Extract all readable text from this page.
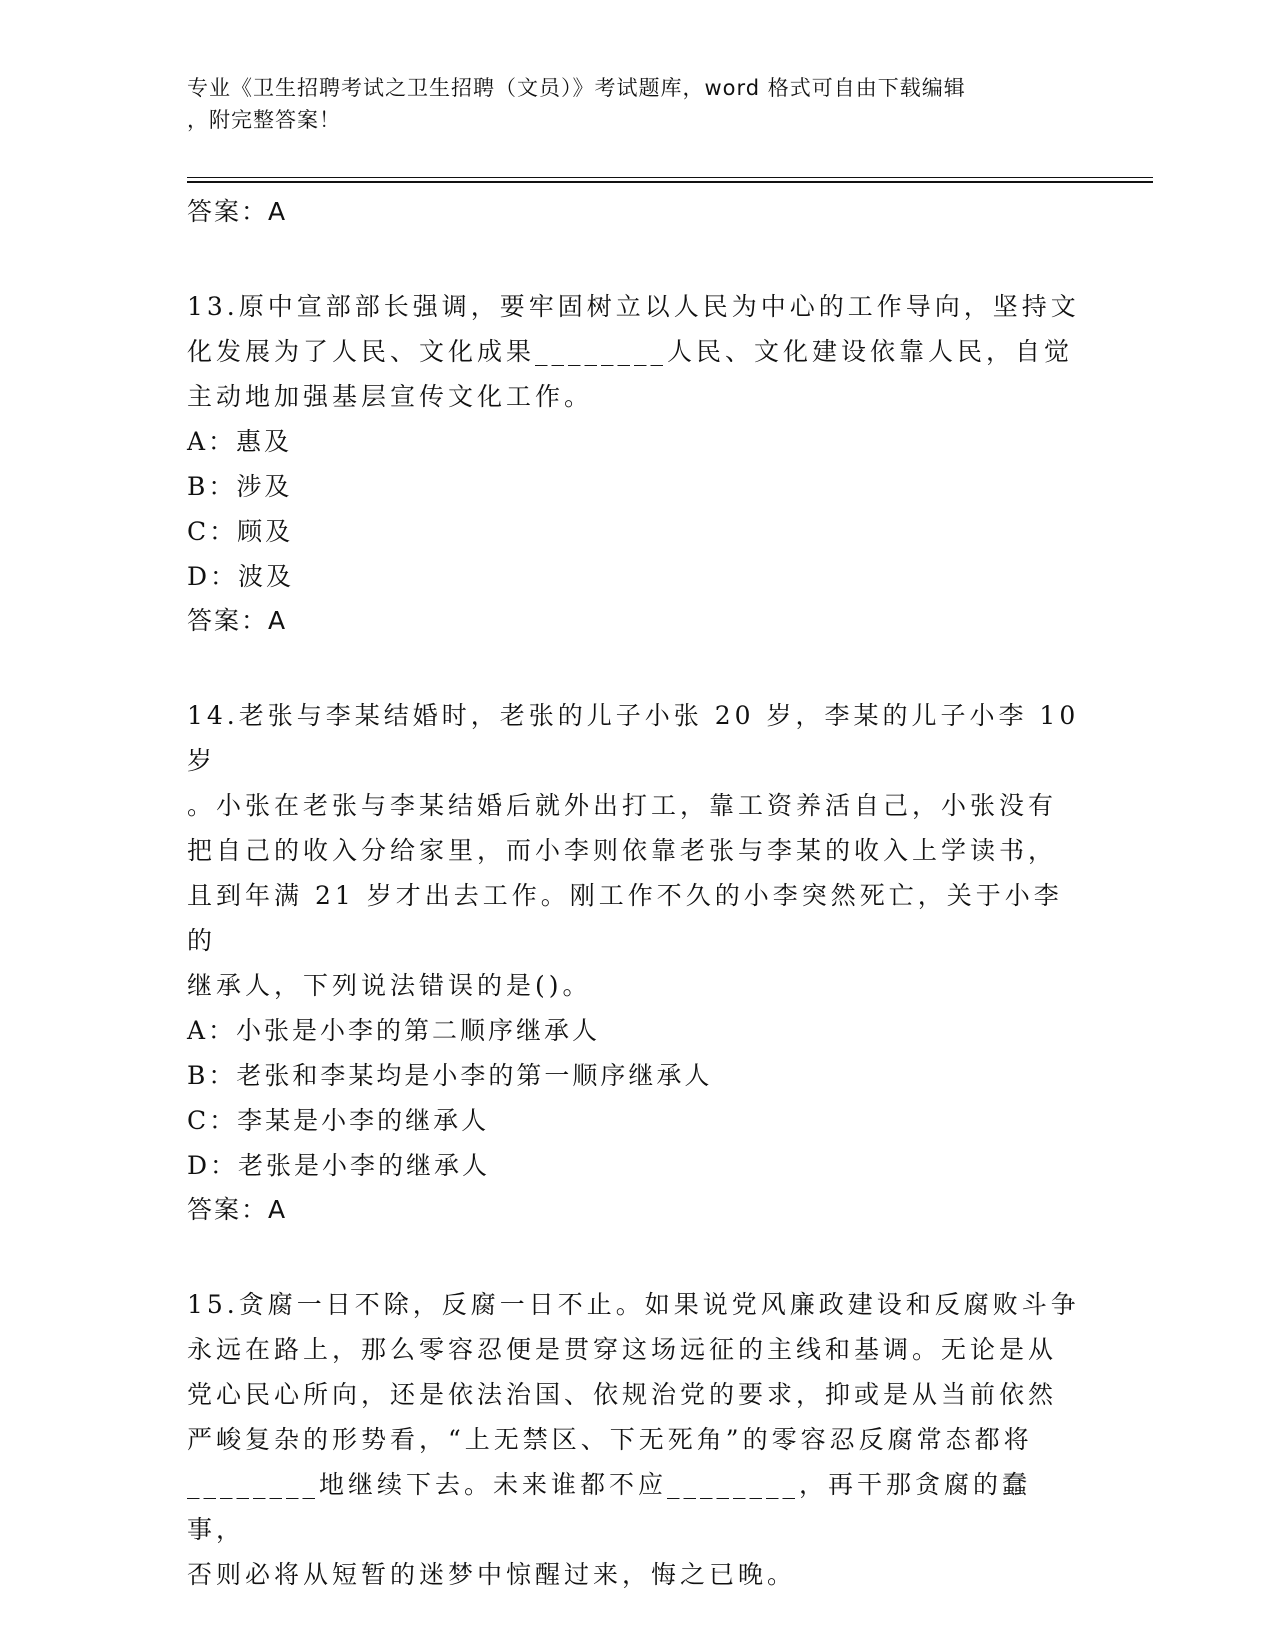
专业《卫生招聘考试之卫生招聘（文员）》考试题库，word 格式可自由下载编辑
，附完整答案！
答案：A
13.原中宣部部长强调，要牢固树立以人民为中心的工作导向，坚持文
化发展为了人民、文化成果________人民、文化建设依靠人民，自觉
主动地加强基层宣传文化工作。
A：惠及
B：涉及
C：顾及
D：波及
答案：A
14.老张与李某结婚时，老张的儿子小张 20 岁，李某的儿子小李 10 岁
。小张在老张与李某结婚后就外出打工，靠工资养活自己，小张没有
把自己的收入分给家里，而小李则依靠老张与李某的收入上学读书，
且到年满 21 岁才出去工作。刚工作不久的小李突然死亡，关于小李的
继承人，下列说法错误的是()。
A：小张是小李的第二顺序继承人
B：老张和李某均是小李的第一顺序继承人
C：李某是小李的继承人
D：老张是小李的继承人
答案：A
15.贪腐一日不除，反腐一日不止。如果说党风廉政建设和反腐败斗争
永远在路上，那么零容忍便是贯穿这场远征的主线和基调。无论是从
党心民心所向，还是依法治国、依规治党的要求，抑或是从当前依然
严峻复杂的形势看，“上无禁区、下无死角”的零容忍反腐常态都将
________地继续下去。未来谁都不应________，再干那贪腐的蠢事，
否则必将从短暂的迷梦中惊醒过来，悔之已晚。
